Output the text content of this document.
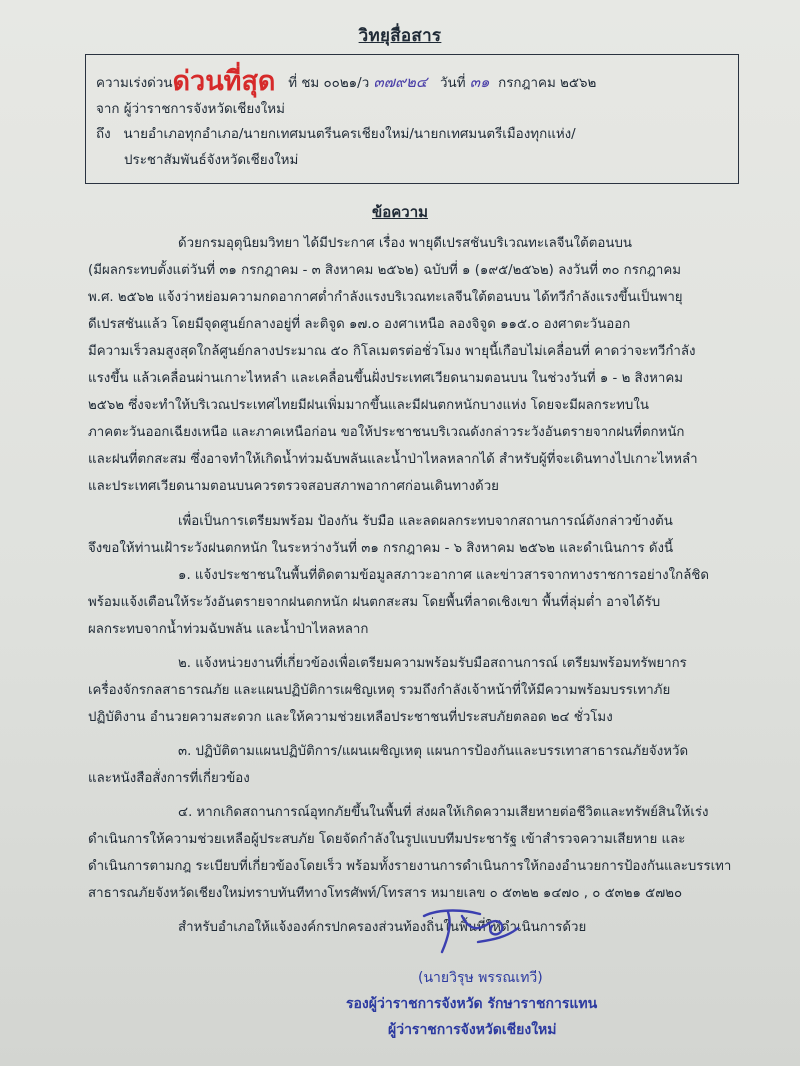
วิทยุสื่อสาร
ความเร่งด่วนด่วนที่สุด ที่ ชม ๐๐๒๑/ว ๓๗๙๒๔ วันที่ ๓๑ กรกฎาคม ๒๕๖๒
จาก ผู้ว่าราชการจังหวัดเชียงใหม่
ถึง นายอำเภอทุกอำเภอ/นายกเทศมนตรีนครเชียงใหม่/นายกเทศมนตรีเมืองทุกแห่ง/
ประชาสัมพันธ์จังหวัดเชียงใหม่
ข้อความ
ด้วยกรมอุตุนิยมวิทยา ได้มีประกาศ เรื่อง พายุดีเปรสชันบริเวณทะเลจีนใต้ตอนบน
(มีผลกระทบตั้งแต่วันที่ ๓๑ กรกฎาคม - ๓ สิงหาคม ๒๕๖๒) ฉบับที่ ๑ (๑๙๕/๒๕๖๒) ลงวันที่ ๓๐ กรกฎาคม
พ.ศ. ๒๕๖๒ แจ้งว่าหย่อมความกดอากาศต่ำกำลังแรงบริเวณทะเลจีนใต้ตอนบน ได้ทวีกำลังแรงขึ้นเป็นพายุ
ดีเปรสชันแล้ว โดยมีจุดศูนย์กลางอยู่ที่ ละติจูด ๑๗.๐ องศาเหนือ ลองจิจูด ๑๑๕.๐ องศาตะวันออก
มีความเร็วลมสูงสุดใกล้ศูนย์กลางประมาณ ๕๐ กิโลเมตรต่อชั่วโมง พายุนี้เกือบไม่เคลื่อนที่ คาดว่าจะทวีกำลัง
แรงขึ้น แล้วเคลื่อนผ่านเกาะไหหลำ และเคลื่อนขึ้นฝั่งประเทศเวียดนามตอนบน ในช่วงวันที่ ๑ - ๒ สิงหาคม
๒๕๖๒ ซึ่งจะทำให้บริเวณประเทศไทยมีฝนเพิ่มมากขึ้นและมีฝนตกหนักบางแห่ง โดยจะมีผลกระทบใน
ภาคตะวันออกเฉียงเหนือ และภาคเหนือก่อน ขอให้ประชาชนบริเวณดังกล่าวระวังอันตรายจากฝนที่ตกหนัก
และฝนที่ตกสะสม ซึ่งอาจทำให้เกิดน้ำท่วมฉับพลันและน้ำป่าไหลหลากได้ สำหรับผู้ที่จะเดินทางไปเกาะไหหลำ
และประเทศเวียดนามตอนบนควรตรวจสอบสภาพอากาศก่อนเดินทางด้วย
เพื่อเป็นการเตรียมพร้อม ป้องกัน รับมือ และลดผลกระทบจากสถานการณ์ดังกล่าวข้างต้น
จึงขอให้ท่านเฝ้าระวังฝนตกหนัก ในระหว่างวันที่ ๓๑ กรกฎาคม - ๖ สิงหาคม ๒๕๖๒ และดำเนินการ ดังนี้
๑. แจ้งประชาชนในพื้นที่ติดตามข้อมูลสภาวะอากาศ และข่าวสารจากทางราชการอย่างใกล้ชิด
พร้อมแจ้งเตือนให้ระวังอันตรายจากฝนตกหนัก ฝนตกสะสม โดยพื้นที่ลาดเชิงเขา พื้นที่ลุ่มต่ำ อาจได้รับ
ผลกระทบจากน้ำท่วมฉับพลัน และน้ำป่าไหลหลาก
๒. แจ้งหน่วยงานที่เกี่ยวข้องเพื่อเตรียมความพร้อมรับมือสถานการณ์ เตรียมพร้อมทรัพยากร
เครื่องจักรกลสาธารณภัย และแผนปฏิบัติการเผชิญเหตุ รวมถึงกำลังเจ้าหน้าที่ให้มีความพร้อมบรรเทาภัย
ปฏิบัติงาน อำนวยความสะดวก และให้ความช่วยเหลือประชาชนที่ประสบภัยตลอด ๒๔ ชั่วโมง
๓. ปฏิบัติตามแผนปฏิบัติการ/แผนเผชิญเหตุ แผนการป้องกันและบรรเทาสาธารณภัยจังหวัด
และหนังสือสั่งการที่เกี่ยวข้อง
๔. หากเกิดสถานการณ์อุทกภัยขึ้นในพื้นที่ ส่งผลให้เกิดความเสียหายต่อชีวิตและทรัพย์สินให้เร่ง
ดำเนินการให้ความช่วยเหลือผู้ประสบภัย โดยจัดกำลังในรูปแบบทีมประชารัฐ เข้าสำรวจความเสียหาย และ
ดำเนินการตามกฎ ระเบียบที่เกี่ยวข้องโดยเร็ว พร้อมทั้งรายงานการดำเนินการให้กองอำนวยการป้องกันและบรรเทา
สาธารณภัยจังหวัดเชียงใหม่ทราบทันทีทางโทรศัพท์/โทรสาร หมายเลข ๐ ๕๓๒๒ ๑๔๗๐ , ๐ ๕๓๒๑ ๕๗๒๐
สำหรับอำเภอให้แจ้งองค์กรปกครองส่วนท้องถิ่นในพื้นที่ให้ดำเนินการด้วย
(นายวิรุษ พรรณเทวี)
รองผู้ว่าราชการจังหวัด รักษาราชการแทน
ผู้ว่าราชการจังหวัดเชียงใหม่
